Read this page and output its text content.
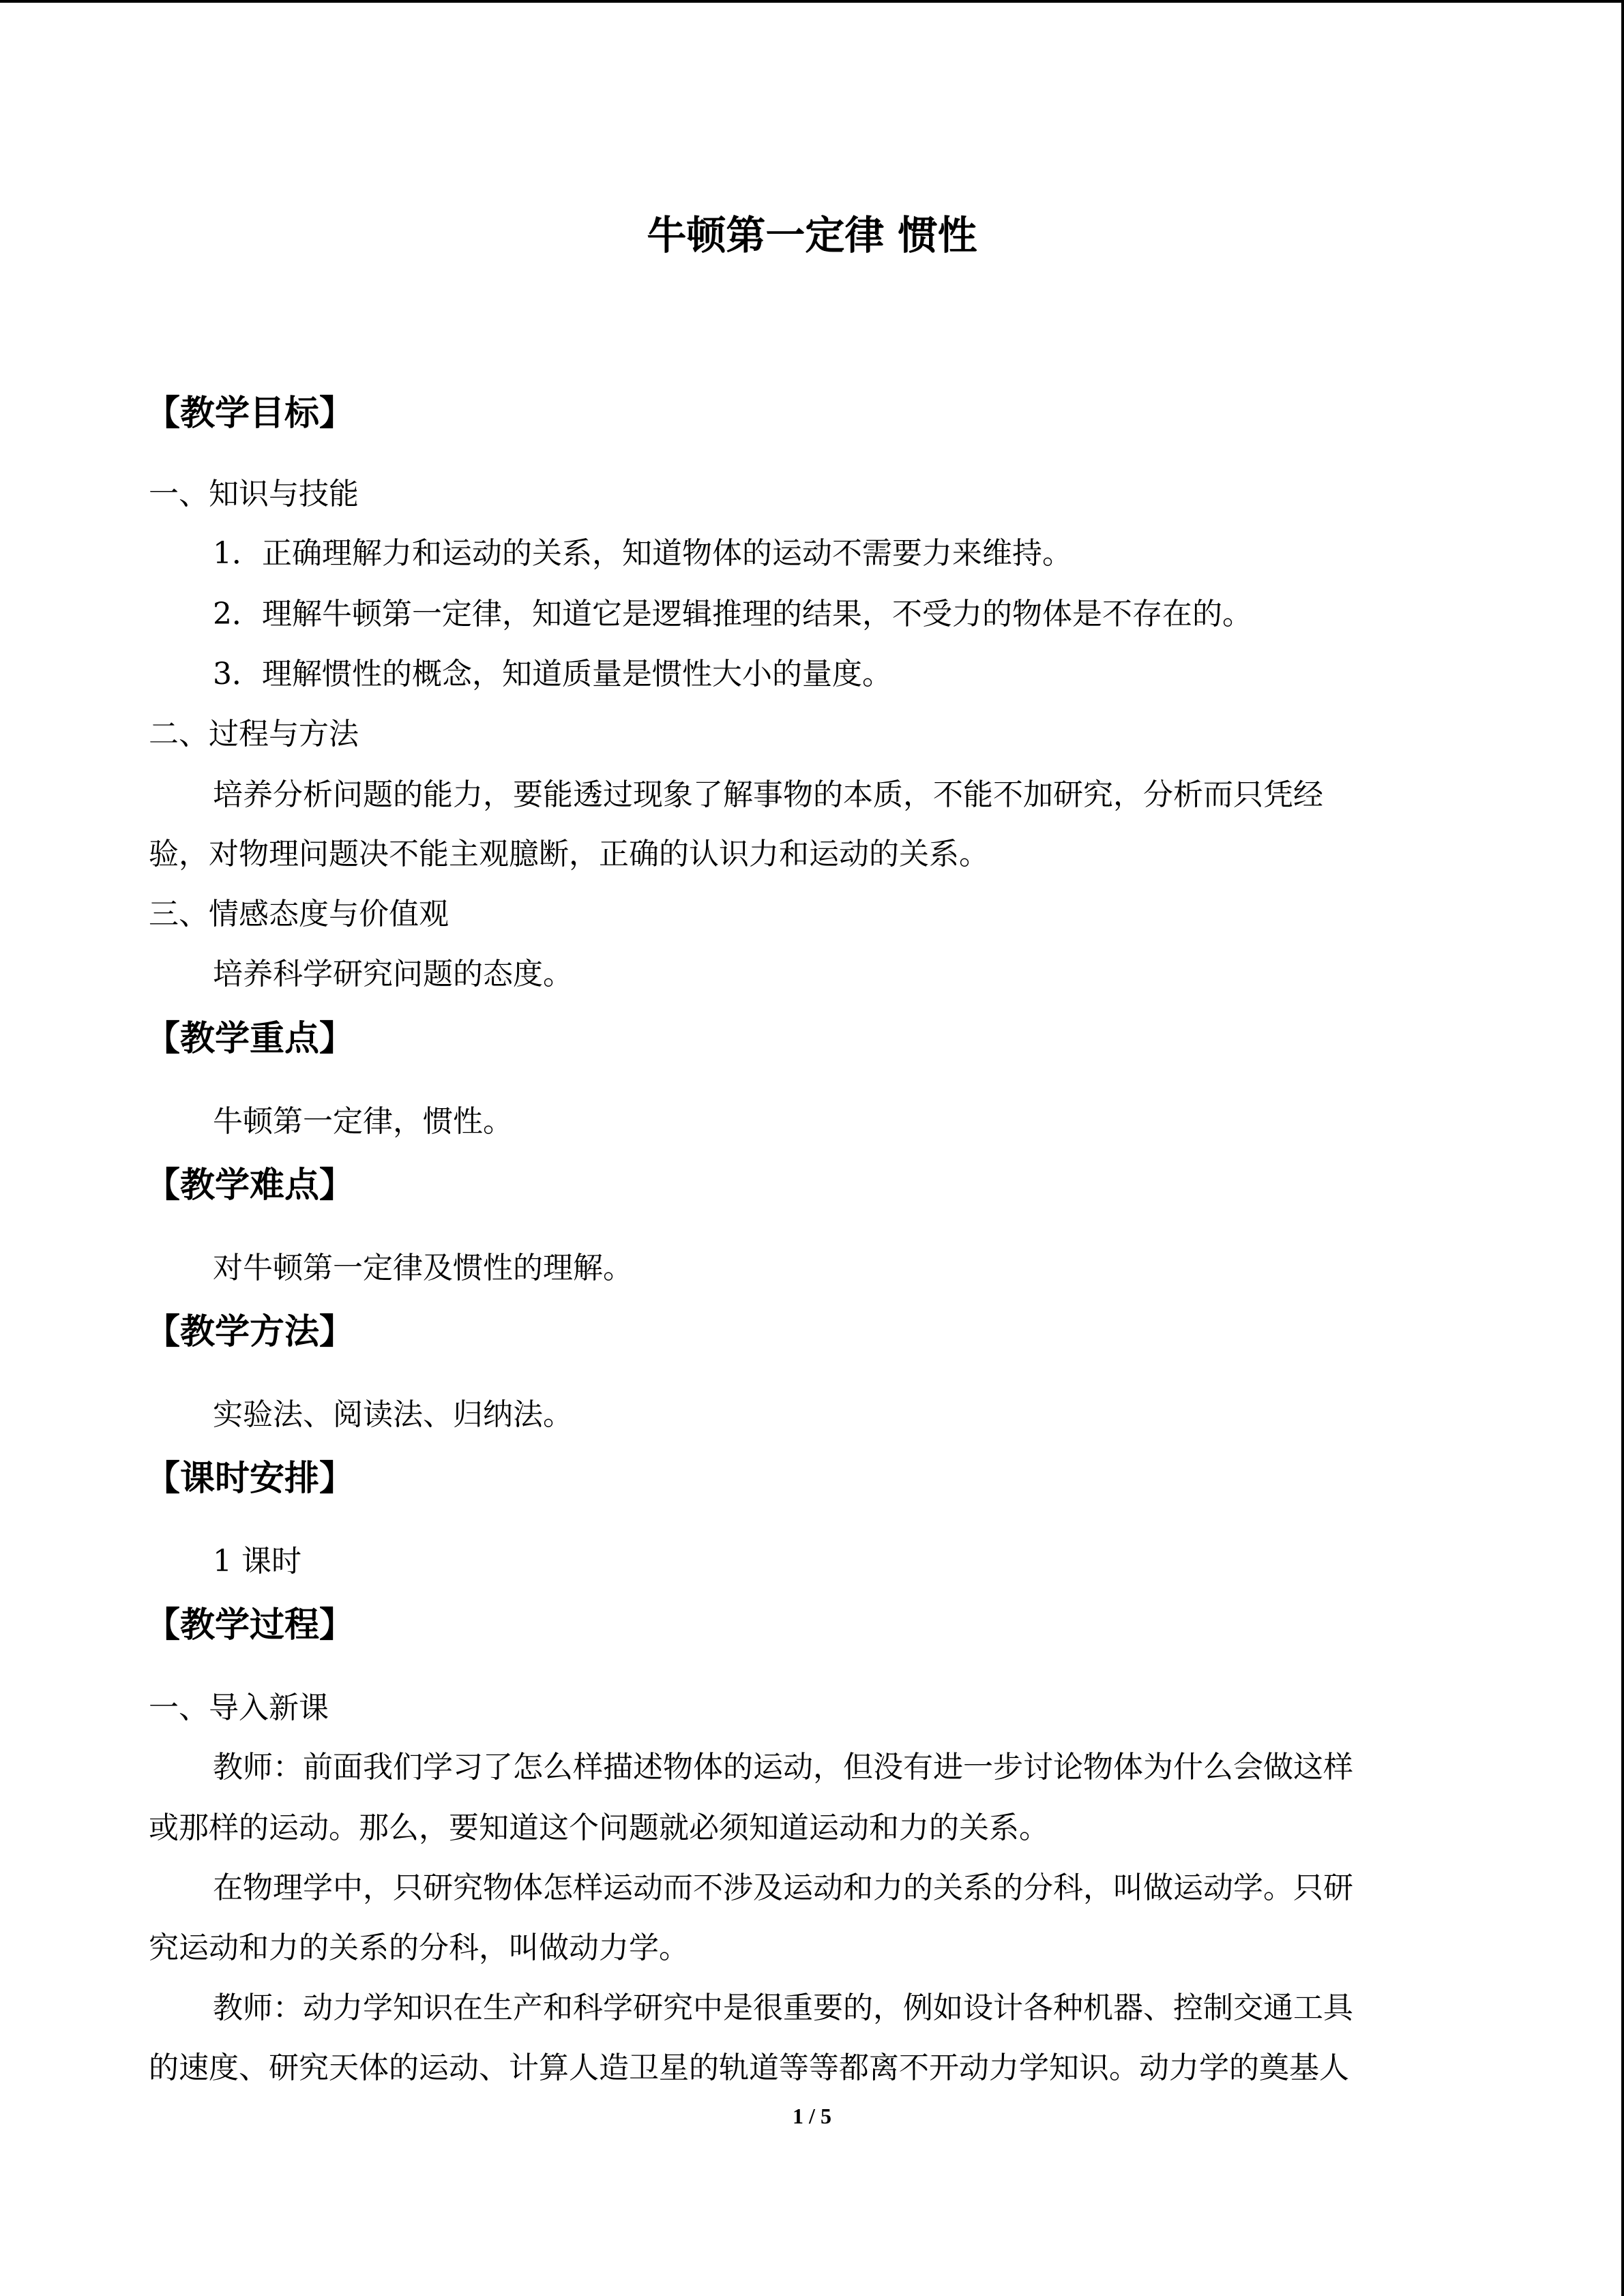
牛顿第一定律 惯性
【教学目标】
一、知识与技能
1．正确理解力和运动的关系，知道物体的运动不需要力来维持。
2．理解牛顿第一定律，知道它是逻辑推理的结果，不受力的物体是不存在的。
3．理解惯性的概念，知道质量是惯性大小的量度。
二、过程与方法
培养分析问题的能力，要能透过现象了解事物的本质，不能不加研究，分析而只凭经
验，对物理问题决不能主观臆断，正确的认识力和运动的关系。
三、情感态度与价值观
培养科学研究问题的态度。
【教学重点】
牛顿第一定律，惯性。
【教学难点】
对牛顿第一定律及惯性的理解。
【教学方法】
实验法、阅读法、归纳法。
【课时安排】
1 课时
【教学过程】
一、导入新课
教师：前面我们学习了怎么样描述物体的运动，但没有进一步讨论物体为什么会做这样
或那样的运动。那么，要知道这个问题就必须知道运动和力的关系。
在物理学中，只研究物体怎样运动而不涉及运动和力的关系的分科，叫做运动学。只研
究运动和力的关系的分科，叫做动力学。
教师：动力学知识在生产和科学研究中是很重要的，例如设计各种机器、控制交通工具
的速度、研究天体的运动、计算人造卫星的轨道等等都离不开动力学知识。动力学的奠基人
1 / 5
